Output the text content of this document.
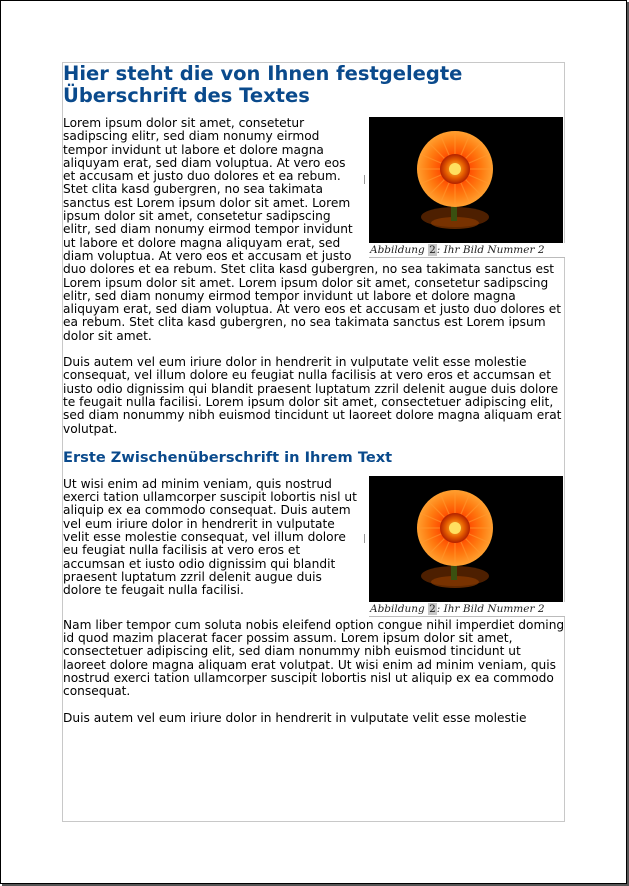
Hier steht die von Ihnen festgelegte Überschrift des Textes
Abbildung 2: Ihr Bild Nummer 2

Lorem ipsum dolor sit amet, consetetur sadipscing elitr, sed diam nonumy eirmod tempor invidunt ut labore et dolore magna aliquyam erat, sed diam voluptua. At vero eos et accusam et justo duo dolores et ea rebum. Stet clita kasd gubergren, no sea takimata sanctus est Lorem ipsum dolor sit amet. Lorem ipsum dolor sit amet, consetetur sadipscing elitr, sed diam nonumy eirmod tempor invidunt ut labore et dolore magna aliquyam erat, sed diam voluptua. At vero eos et accusam et justo duo dolores et ea rebum. Stet clita kasd gubergren, no sea takimata sanctus est Lorem ipsum dolor sit amet. Lorem ipsum dolor sit amet, consetetur sadipscing elitr, sed diam nonumy eirmod tempor invidunt ut labore et dolore magna aliquyam erat, sed diam voluptua. At vero eos et accusam et justo duo dolores et ea rebum. Stet clita kasd gubergren, no sea takimata sanctus est Lorem ipsum dolor sit amet.

Duis autem vel eum iriure dolor in hendrerit in vulputate velit esse molestie consequat, vel illum dolore eu feugiat nulla facilisis at vero eros et accumsan et iusto odio dignissim qui blandit praesent luptatum zzril delenit augue duis dolore te feugait nulla facilisi. Lorem ipsum dolor sit amet, consectetuer adipiscing elit, sed diam nonummy nibh euismod tincidunt ut laoreet dolore magna aliquam erat volutpat.

Erste Zwischenüberschrift in Ihrem Text
Abbildung 2: Ihr Bild Nummer 2

Ut wisi enim ad minim veniam, quis nostrud exerci tation ullamcorper suscipit lobortis nisl ut aliquip ex ea commodo consequat. Duis autem vel eum iriure dolor in hendrerit in vulputate velit esse molestie consequat, vel illum dolore eu feugiat nulla facilisis at vero eros et accumsan et iusto odio dignissim qui blandit praesent luptatum zzril delenit augue duis dolore te feugait nulla facilisi.

Nam liber tempor cum soluta nobis eleifend option congue nihil imperdiet doming id quod mazim placerat facer possim assum. Lorem ipsum dolor sit amet, consectetuer adipiscing elit, sed diam nonummy nibh euismod tincidunt ut laoreet dolore magna aliquam erat volutpat. Ut wisi enim ad minim veniam, quis nostrud exerci tation ullamcorper suscipit lobortis nisl ut aliquip ex ea commodo consequat.

Duis autem vel eum iriure dolor in hendrerit in vulputate velit esse molestie
